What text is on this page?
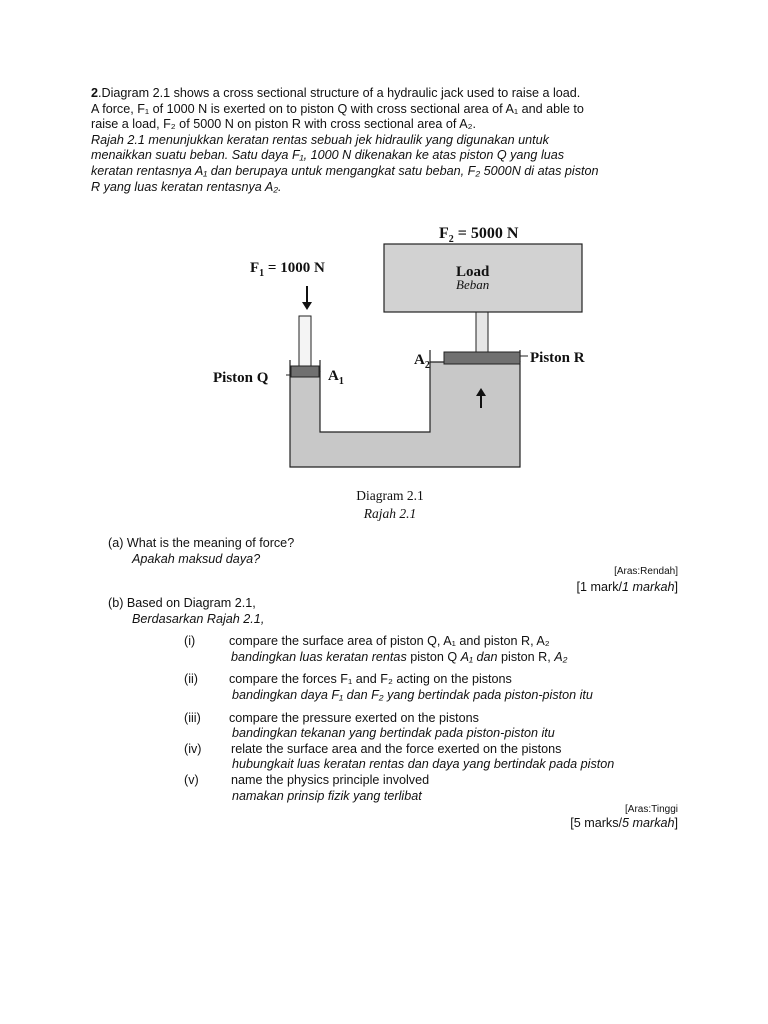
2.Diagram 2.1 shows a cross sectional structure of a hydraulic jack used to raise a load.

A force, F₁ of 1000 N is exerted on to piston Q with cross sectional area of A₁ and able to

raise a load, F₂ of 5000 N on piston R with cross sectional area of A₂.

Rajah 2.1 menunjukkan keratan rentas sebuah jek hidraulik yang digunakan untuk

menaikkan suatu beban. Satu daya F₁, 1000 N dikenakan ke atas piston Q yang luas

keratan rentasnya A₁ dan berupaya untuk mengangkat satu beban, F₂ 5000N di atas piston

R yang luas keratan rentasnya A₂.

$F_2 = 5000$ N
$F_1 = 1000$ N	Load
Piston Q
Piston R
$A_1$
$A_2$
Beban
Diagram 2.1
Rajah 2.1
(a) What is the meaning of force?
Apakah maksud daya?
[Aras:Rendah]
[1 mark/1 markah]
(b) Based on Diagram 2.1,
Berdasarkan Rajah 2.1,
(i)	compare the surface area of piston Q, A₁ and piston R, A₂
bandingkan luas keratan rentas piston Q A₁ dan piston R, A₂
(ii) compare the forces F₁ and F₂ acting on the pistons
bandingkan daya F₁ dan F₂ yang bertindak pada piston-piston itu
(iii) compare the pressure exerted on the pistons
bandingkan tekanan yang bertindak pada piston-piston itu
(iv) relate the surface area and the force exerted on the pistons
hubungkait luas keratan rentas dan daya yang bertindak pada piston
(v)	name the physics principle involved
namakan prinsip fizik yang terlibat
[Aras:Tinggi
[5 marks/5 markah]
